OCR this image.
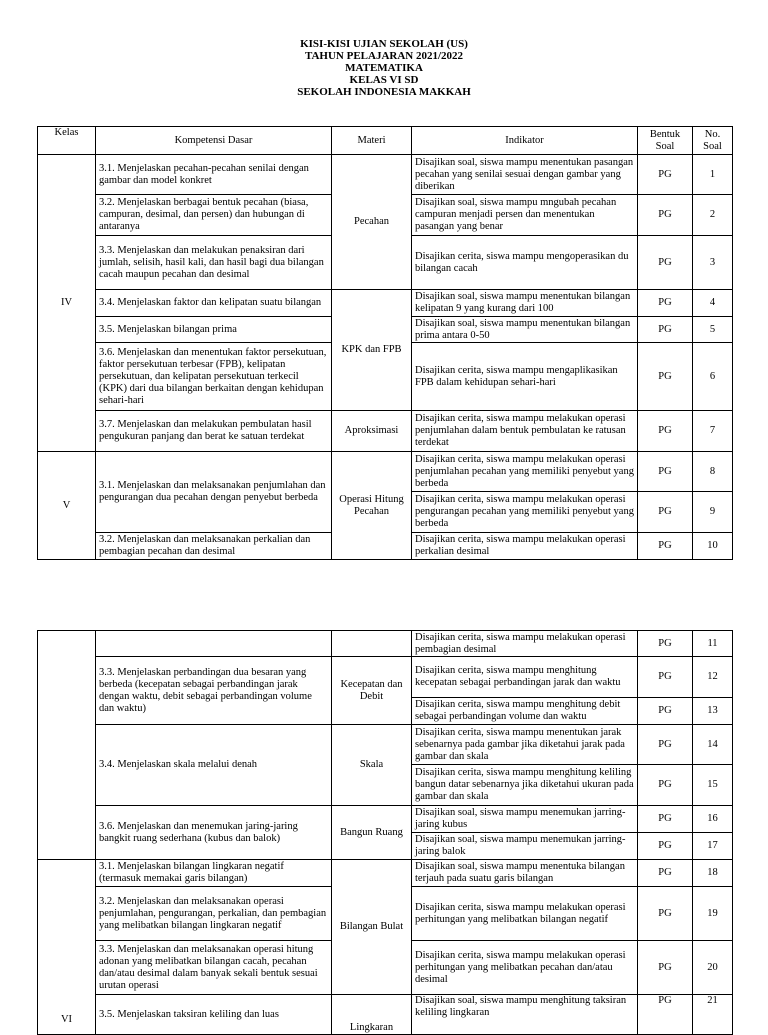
KISI-KISI UJIAN SEKOLAH (US)
TAHUN PELAJARAN 2021/2022
MATEMATIKA
KELAS VI SD
SEKOLAH INDONESIA MAKKAH
Kelas	Kompetensi Dasar	Materi	Indikator	Bentuk Soal	No. Soal
IV	3.1. Menjelaskan pecahan-pecahan senilai dengan gambar dan model konkret	Pecahan	Disajikan soal, siswa mampu menentukan pasangan pecahan yang senilai sesuai dengan gambar yang diberikan	PG	1
	3.2. Menjelaskan berbagai bentuk pecahan (biasa, campuran, desimal, dan persen) dan hubungan di antaranya		Disajikan soal, siswa mampu mngubah pecahan campuran menjadi persen dan menentukan pasangan yang benar	PG	2
	3.3. Menjelaskan dan melakukan penaksiran dari jumlah, selisih, hasil kali, dan hasil bagi dua bilangan cacah maupun pecahan dan desimal		Disajikan cerita, siswa mampu mengoperasikan du bilangan cacah	PG	3
	3.4. Menjelaskan faktor dan kelipatan suatu bilangan	KPK dan FPB	Disajikan soal, siswa mampu menentukan bilangan kelipatan 9 yang kurang dari 100	PG	4
	3.5. Menjelaskan bilangan prima		Disajikan soal, siswa mampu menentukan bilangan prima antara 0-50	PG	5
	3.6. Menjelaskan dan menentukan faktor persekutuan, faktor persekutuan terbesar (FPB), kelipatan persekutuan, dan kelipatan persekutuan terkecil (KPK) dari dua bilangan berkaitan dengan kehidupan sehari-hari		Disajikan cerita, siswa mampu mengaplikasikan FPB dalam kehidupan sehari-hari	PG	6
	3.7. Menjelaskan dan melakukan pembulatan hasil pengukuran panjang dan berat ke satuan terdekat	Aproksimasi	Disajikan cerita, siswa mampu melakukan operasi penjumlahan dalam bentuk pembulatan ke ratusan terdekat	PG	7
V	3.1. Menjelaskan dan melaksanakan penjumlahan dan pengurangan dua pecahan dengan penyebut berbeda	Operasi Hitung Pecahan	Disajikan cerita, siswa mampu melakukan operasi penjumlahan pecahan yang memiliki penyebut yang berbeda	PG	8
			Disajikan cerita, siswa mampu melakukan operasi pengurangan pecahan yang memiliki penyebut yang berbeda	PG	9
	3.2. Menjelaskan dan melaksanakan perkalian dan pembagian pecahan dan desimal		Disajikan cerita, siswa mampu melakukan operasi perkalian desimal	PG	10
			Disajikan cerita, siswa mampu melakukan operasi pembagian desimal	PG	11
	3.3. Menjelaskan perbandingan dua besaran yang berbeda (kecepatan sebagai perbandingan jarak dengan waktu, debit sebagai perbandingan volume dan waktu)	Kecepatan dan Debit	Disajikan cerita, siswa mampu menghitung kecepatan sebagai perbandingan jarak dan waktu	PG	12
			Disajikan cerita, siswa mampu menghitung debit sebagai perbandingan volume dan waktu	PG	13
	3.4. Menjelaskan skala melalui denah	Skala	Disajikan cerita, siswa mampu menentukan jarak sebenarnya pada gambar jika diketahui jarak pada gambar dan skala	PG	14
			Disajikan cerita, siswa mampu menghitung keliling bangun datar sebenarnya jika diketahui ukuran pada gambar dan skala	PG	15
	3.6. Menjelaskan dan menemukan jaring-jaring bangkit ruang sederhana (kubus dan balok)	Bangun Ruang	Disajikan soal, siswa mampu menemukan jarring-jaring kubus	PG	16
			Disajikan soal, siswa mampu menemukan jarring-jaring balok	PG	17
VI	3.1. Menjelaskan bilangan lingkaran negatif (termasuk memakai garis bilangan)	Bilangan Bulat	Disajikan soal, siswa mampu menentuka bilangan terjauh pada suatu garis bilangan	PG	18
	3.2. Menjelaskan dan melaksanakan operasi penjumlahan, pengurangan, perkalian, dan pembagian yang melibatkan bilangan lingkaran negatif		Disajikan cerita, siswa mampu melakukan operasi perhitungan yang melibatkan bilangan negatif	PG	19
	3.3. Menjelaskan dan melaksanakan operasi hitung adonan yang melibatkan bilangan cacah, pecahan dan/atau desimal dalam banyak sekali bentuk sesuai urutan operasi		Disajikan cerita, siswa mampu melakukan operasi perhitungan yang melibatkan pecahan dan/atau desimal	PG	20
	3.5. Menjelaskan taksiran keliling dan luas	Lingkaran	Disajikan soal, siswa mampu menghitung taksiran keliling lingkaran	PG	21
